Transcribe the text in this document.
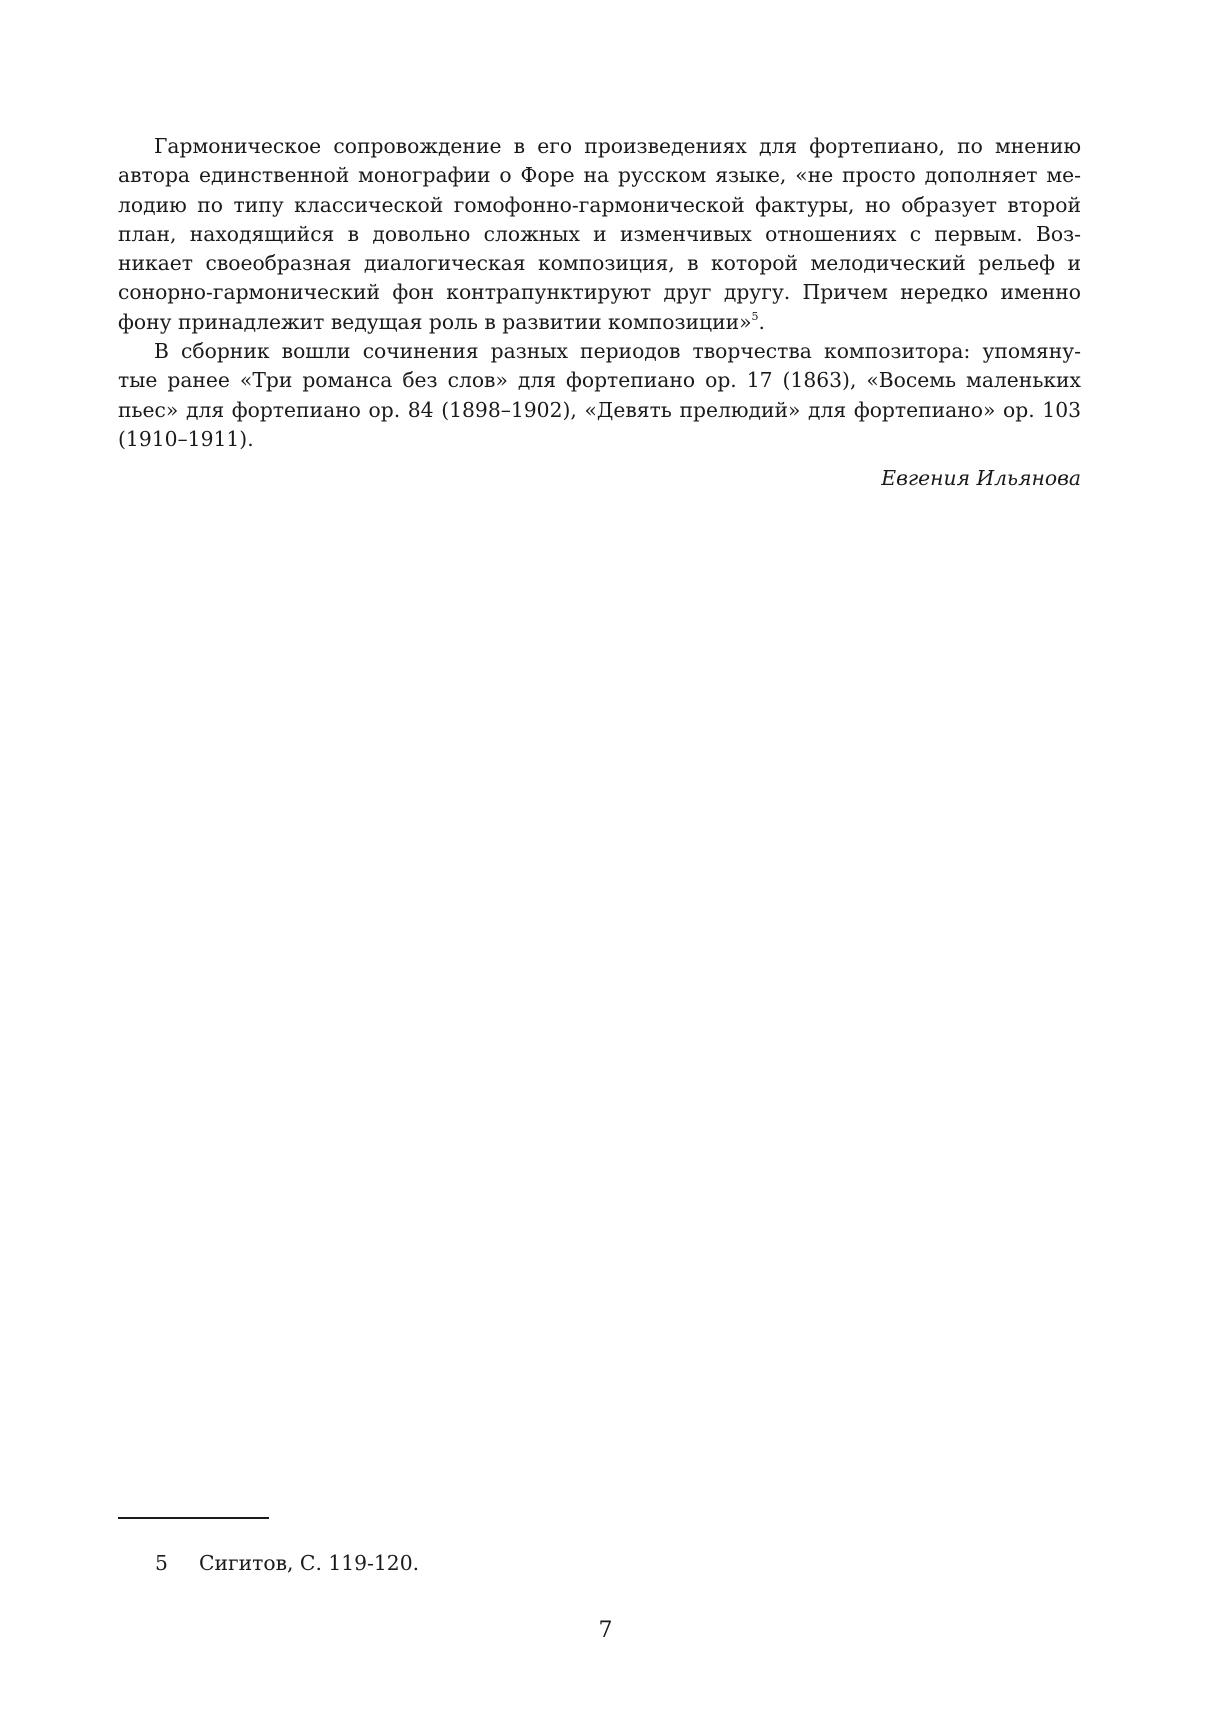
Гармоническое сопровождение в его произведениях для фортепиано, по мнению
автора единственной монографии о Форе на русском языке, «не просто дополняет ме-
лодию по типу классической гомофонно-гармонической фактуры, но образует второй
план, находящийся в довольно сложных и изменчивых отношениях с первым. Воз-
никает своеобразная диалогическая композиция, в которой мелодический рельеф и
сонорно-гармонический фон контрапунктируют друг другу. Причем нередко именно
фону принадлежит ведущая роль в развитии композиции»$^5$.
В сборник вошли сочинения разных периодов творчества композитора: упомяну-
тые ранее «Три романса без слов» для фортепиано ор. 17 (1863), «Восемь маленьких
пьес» для фортепиано ор. 84 (1898–1902), «Девять прелюдий» для фортепиано» ор. 103
(1910–1911).
Евгения Ильянова
5 Сигитов, С. 119-120.
7
